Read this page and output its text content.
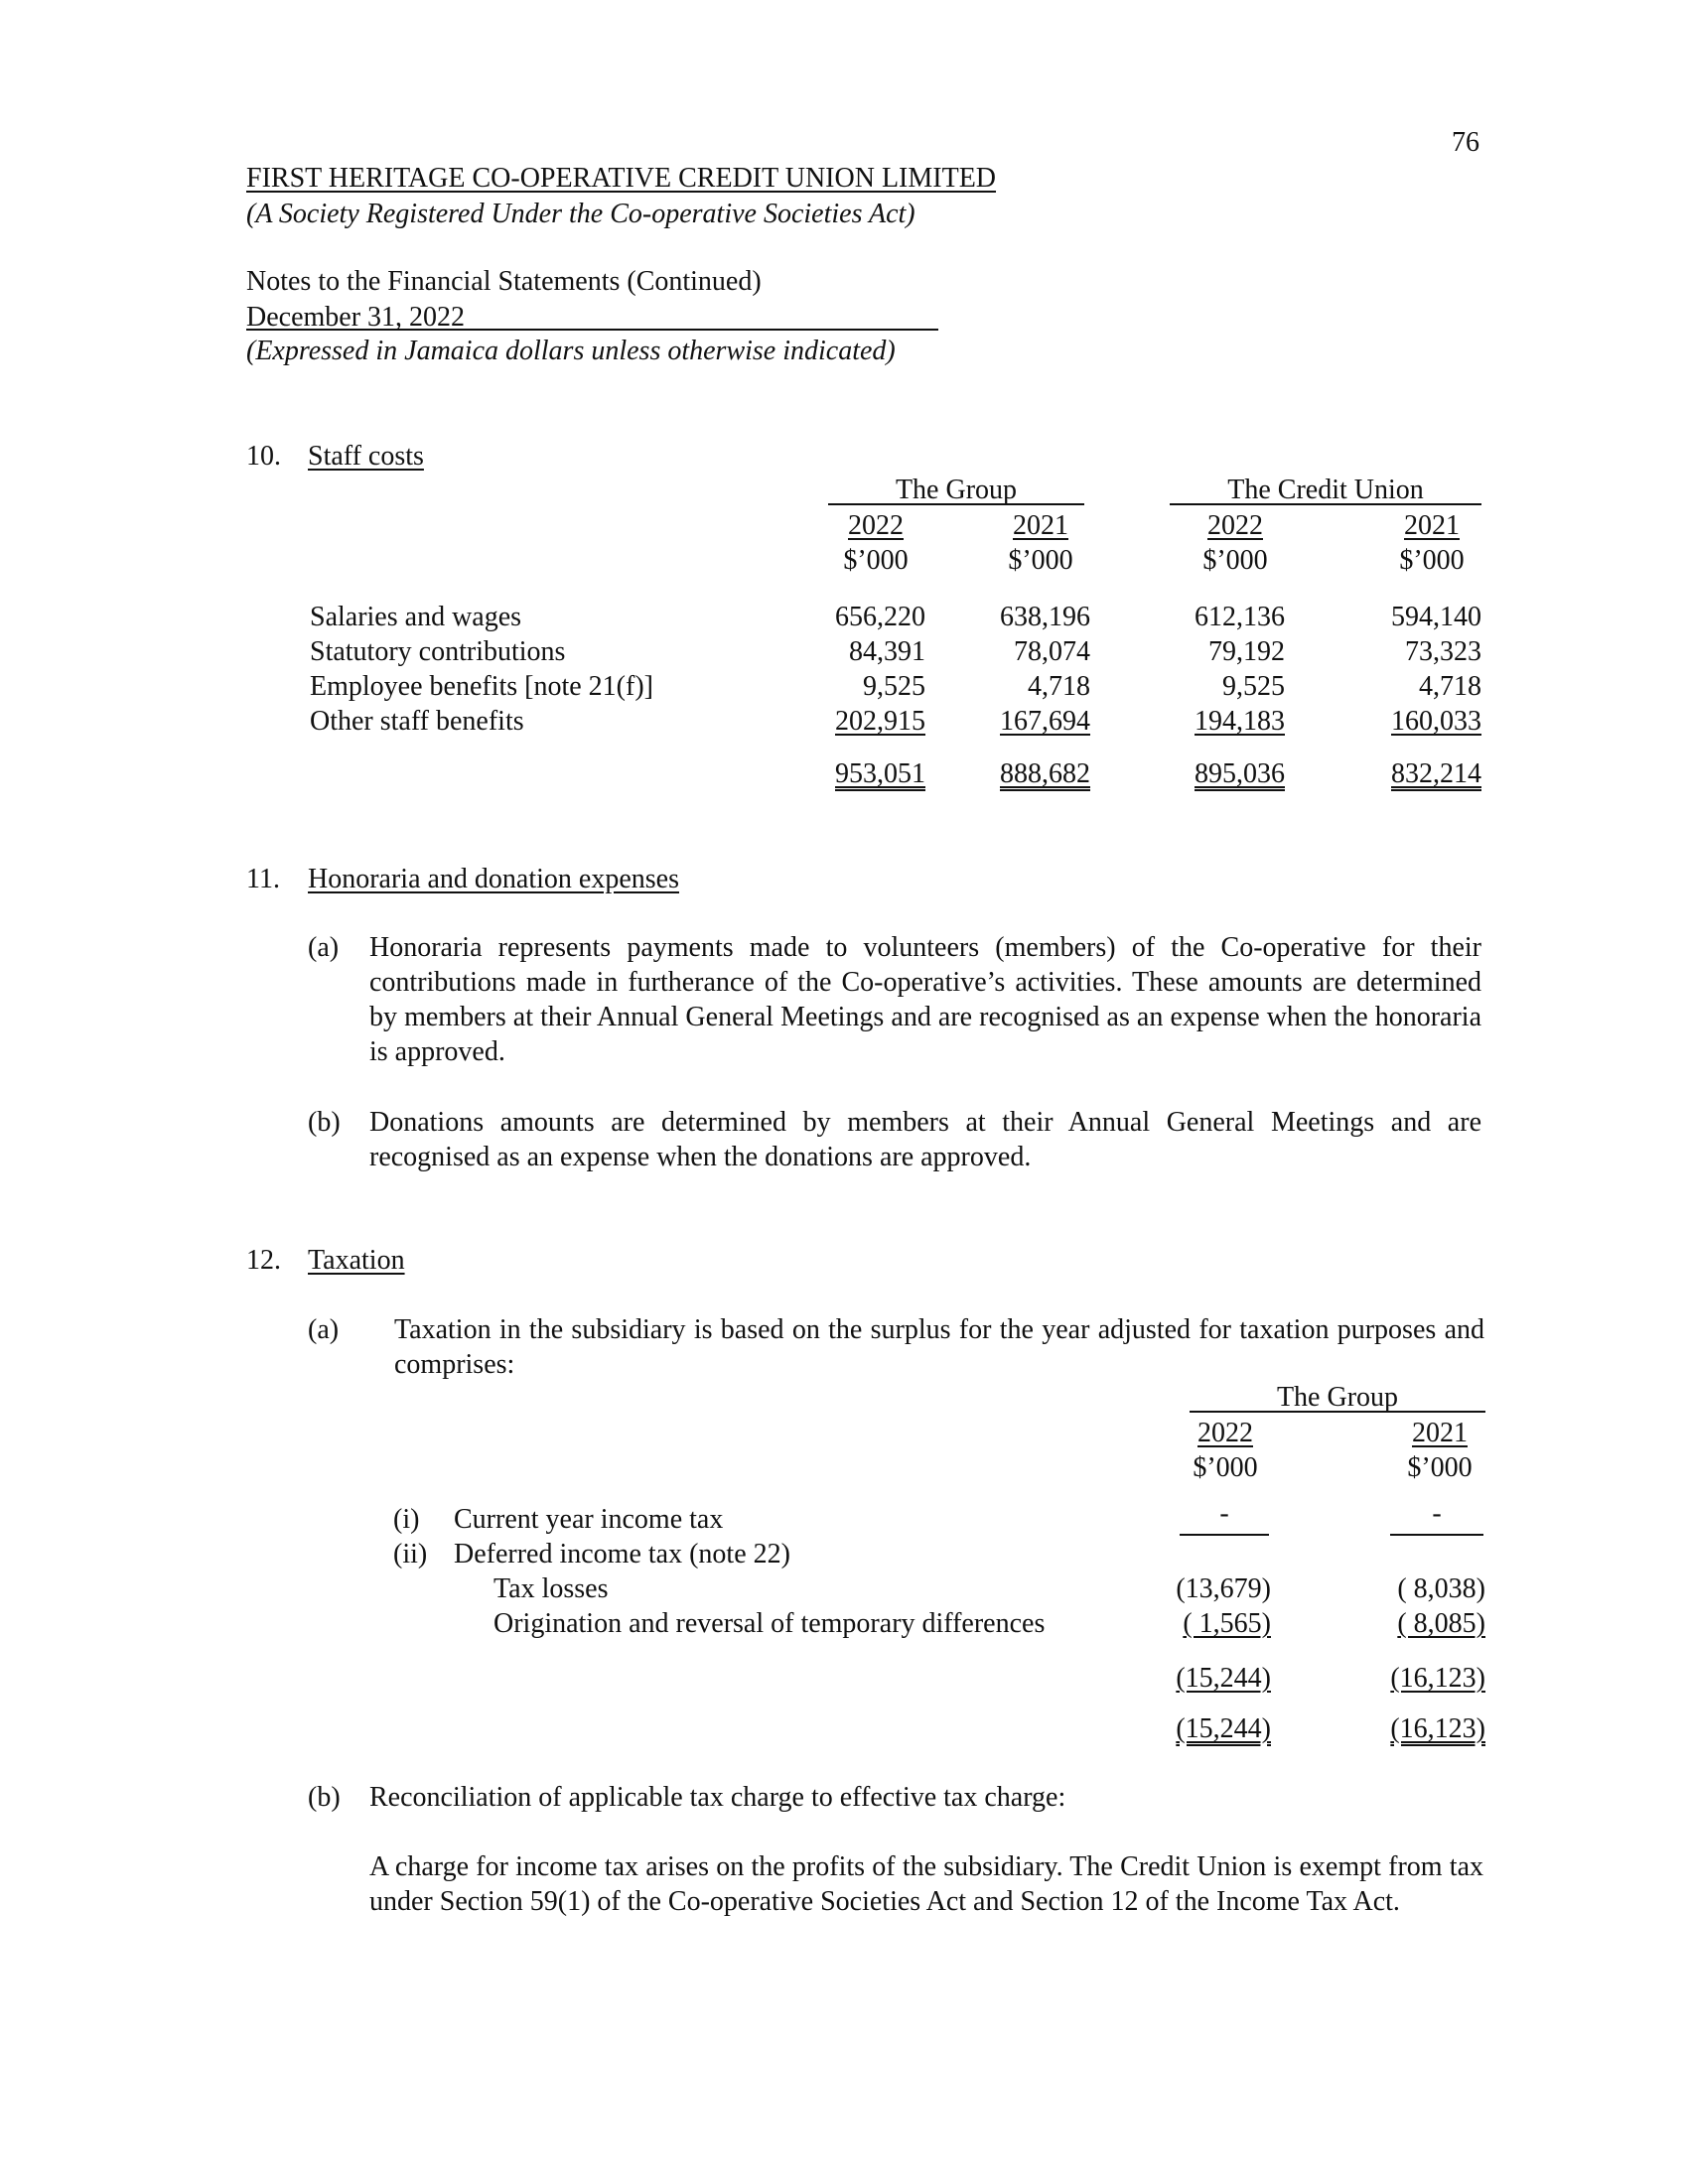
76
FIRST HERITAGE CO-OPERATIVE CREDIT UNION LIMITED
(A Society Registered Under the Co-operative Societies Act)
Notes to the Financial Statements (Continued)
December 31, 2022
(Expressed in Jamaica dollars unless otherwise indicated)
10. Staff costs
The Group	The Credit Union
2022	2021	2022	2021
$’000	$’000	$’000	$’000
Salaries and wages	656,220	638,196	612,136	594,140
Statutory contributions	84,391	78,074	79,192	73,323
Employee benefits [note 21(f)]	9,525	4,718	9,525	4,718
Other staff benefits	202,915	167,694	194,183	160,033
953,051	888,682	895,036	832,214
11. Honoraria and donation expenses
(a) Honoraria represents payments made to volunteers (members) of the Co-operative for their contributions made in furtherance of the Co-operative’s activities. These amounts are determined by members at their Annual General Meetings and are recognised as an expense when the honoraria is approved.
(b) Donations amounts are determined by members at their Annual General Meetings and are recognised as an expense when the donations are approved.
12. Taxation
(a) Taxation in the subsidiary is based on the surplus for the year adjusted for taxation purposes and comprises:
The Group
2022	2021
$’000	$’000
(i) Current year income tax	-	-
(ii) Deferred income tax (note 22)
Tax losses	(13,679)	( 8,038)
Origination and reversal of temporary differences	( 1,565)	( 8,085)
(15,244)	(16,123)
(15,244)	(16,123)
(b) Reconciliation of applicable tax charge to effective tax charge:
A charge for income tax arises on the profits of the subsidiary. The Credit Union is exempt from tax under Section 59(1) of the Co-operative Societies Act and Section 12 of the Income Tax Act.
